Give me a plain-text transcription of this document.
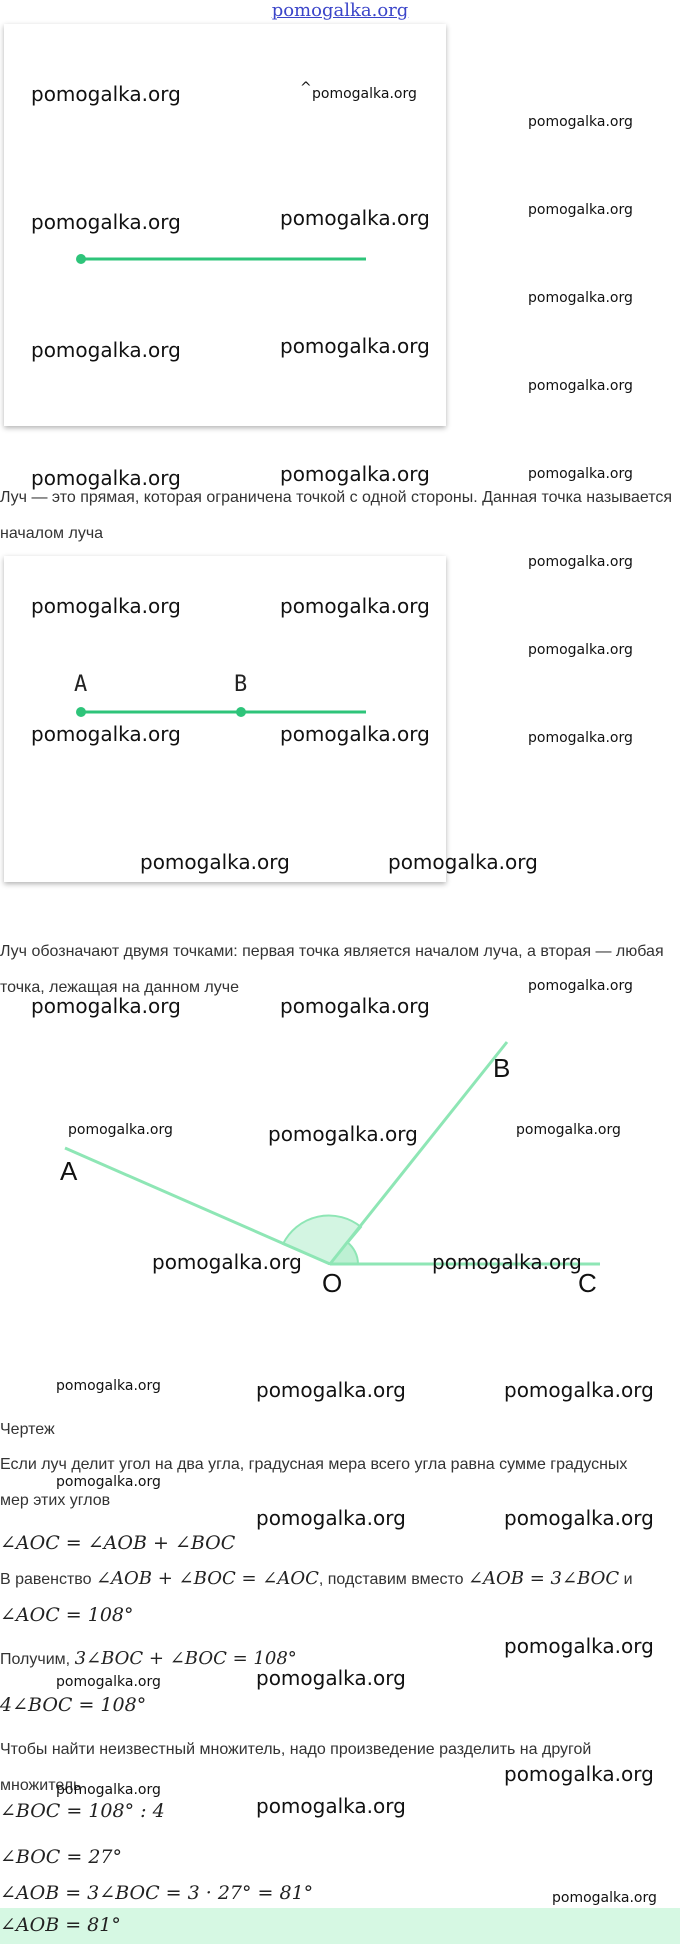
pomogalka.org
^
Луч — это прямая, которая ограничена точкой с одной стороны. Данная точка называется началом луча
A	B
Луч обозначают двумя точками: первая точка является началом луча, а вторая — любая точка, лежащая на данном луче
A
B
C
O
Чертеж
Если луч делит угол на два угла, градусная мера всего угла равна сумме градусных мер этих углов
∠AOC = ∠AOB + ∠BOC
В равенство ∠AOB + ∠BOC = ∠AOC, подставим вместо ∠AOB = 3∠BOC и
∠AOC = 108°
Получим, 3∠BOC + ∠BOC = 108°
4∠BOC = 108°
Чтобы найти неизвестный множитель, надо произведение разделить на другой множитель
∠BOC = 108° : 4
∠BOC = 27°
∠AOB = 3∠BOC = 3 · 27° = 81°
∠AOB = 81°
pomogalka.org	pomogalka.org
pomogalka.org
pomogalka.org	pomogalka.org	pomogalka.org
pomogalka.org
pomogalka.org	pomogalka.org
pomogalka.org
pomogalka.org	pomogalka.org	pomogalka.org
pomogalka.org
pomogalka.org	pomogalka.org
pomogalka.org
pomogalka.org	pomogalka.org	pomogalka.org
pomogalka.org	pomogalka.org
pomogalka.org
pomogalka.org	pomogalka.org
pomogalka.org	pomogalka.org	pomogalka.org
pomogalka.org	pomogalka.org
pomogalka.org	pomogalka.org	pomogalka.org
pomogalka.org
pomogalka.org	pomogalka.org
pomogalka.org
pomogalka.org	pomogalka.org
pomogalka.org
pomogalka.org
pomogalka.org
pomogalka.org
